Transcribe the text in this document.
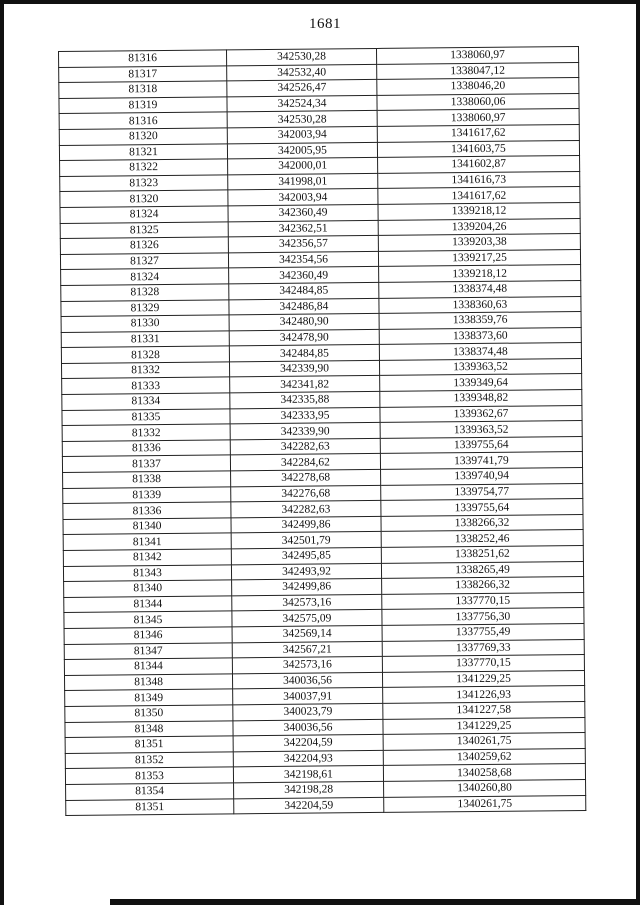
1681
81316	342530,28	1338060,97
81317	342532,40	1338047,12
81318	342526,47	1338046,20
81319	342524,34	1338060,06
81316	342530,28	1338060,97
81320	342003,94	1341617,62
81321	342005,95	1341603,75
81322	342000,01	1341602,87
81323	341998,01	1341616,73
81320	342003,94	1341617,62
81324	342360,49	1339218,12
81325	342362,51	1339204,26
81326	342356,57	1339203,38
81327	342354,56	1339217,25
81324	342360,49	1339218,12
81328	342484,85	1338374,48
81329	342486,84	1338360,63
81330	342480,90	1338359,76
81331	342478,90	1338373,60
81328	342484,85	1338374,48
81332	342339,90	1339363,52
81333	342341,82	1339349,64
81334	342335,88	1339348,82
81335	342333,95	1339362,67
81332	342339,90	1339363,52
81336	342282,63	1339755,64
81337	342284,62	1339741,79
81338	342278,68	1339740,94
81339	342276,68	1339754,77
81336	342282,63	1339755,64
81340	342499,86	1338266,32
81341	342501,79	1338252,46
81342	342495,85	1338251,62
81343	342493,92	1338265,49
81340	342499,86	1338266,32
81344	342573,16	1337770,15
81345	342575,09	1337756,30
81346	342569,14	1337755,49
81347	342567,21	1337769,33
81344	342573,16	1337770,15
81348	340036,56	1341229,25
81349	340037,91	1341226,93
81350	340023,79	1341227,58
81348	340036,56	1341229,25
81351	342204,59	1340261,75
81352	342204,93	1340259,62
81353	342198,61	1340258,68
81354	342198,28	1340260,80
81351	342204,59	1340261,75
